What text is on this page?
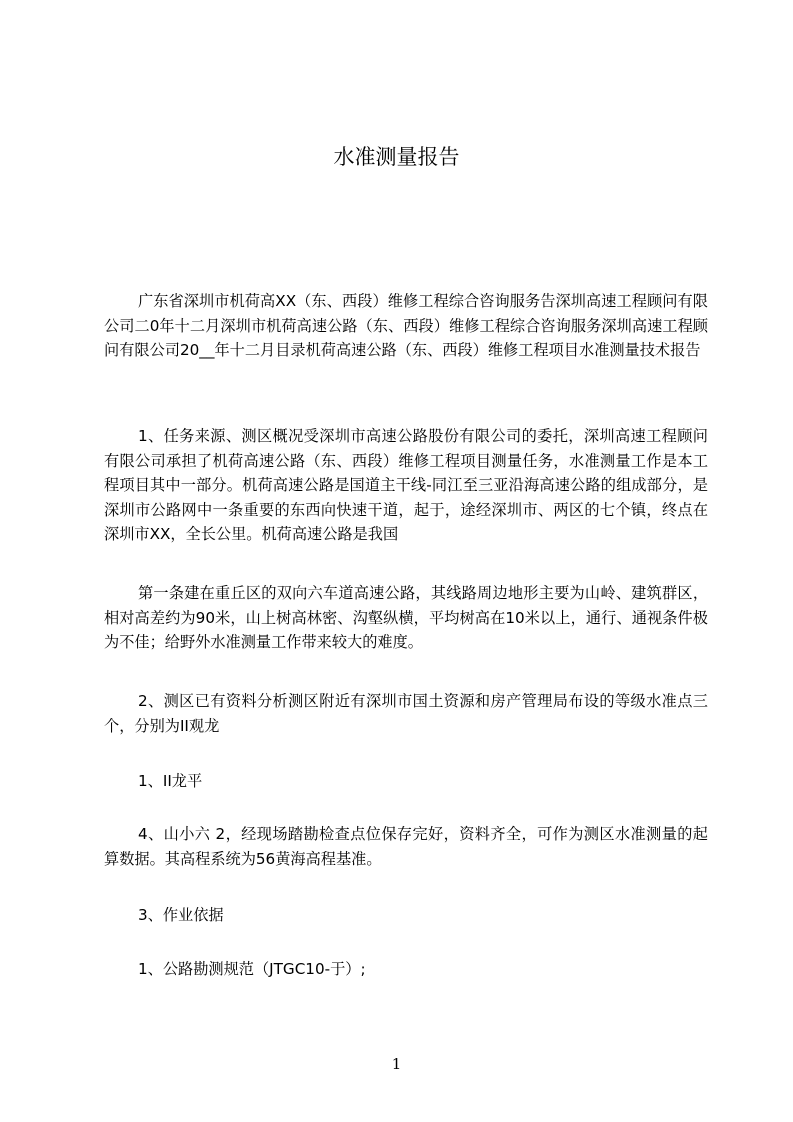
水准测量报告
广东省深圳市机荷高XX（东、西段）维修工程综合咨询服务告深圳高速工程顾问有限公司二0年十二月深圳市机荷高速公路（东、西段）维修工程综合咨询服务深圳高速工程顾问有限公司20__年十二月目录机荷高速公路（东、西段）维修工程项目水准测量技术报告
1、任务来源、测区概况受深圳市高速公路股份有限公司的委托，深圳高速工程顾问有限公司承担了机荷高速公路（东、西段）维修工程项目测量任务，水准测量工作是本工程项目其中一部分。机荷高速公路是国道主干线-同江至三亚沿海高速公路的组成部分，是深圳市公路网中一条重要的东西向快速干道，起于，途经深圳市、两区的七个镇，终点在深圳市XX，全长公里。机荷高速公路是我国
第一条建在重丘区的双向六车道高速公路，其线路周边地形主要为山岭、建筑群区，相对高差约为90米，山上树高林密、沟壑纵横，平均树高在10米以上，通行、通视条件极为不佳；给野外水准测量工作带来较大的难度。
2、测区已有资料分析测区附近有深圳市国土资源和房产管理局布设的等级水准点三个，分别为II观龙
1、II龙平
4、山小六 2，经现场踏勘检查点位保存完好，资料齐全，可作为测区水准测量的起算数据。其高程系统为56黄海高程基准。
3、作业依据
1、公路勘测规范（JTGC10-于）;
1
